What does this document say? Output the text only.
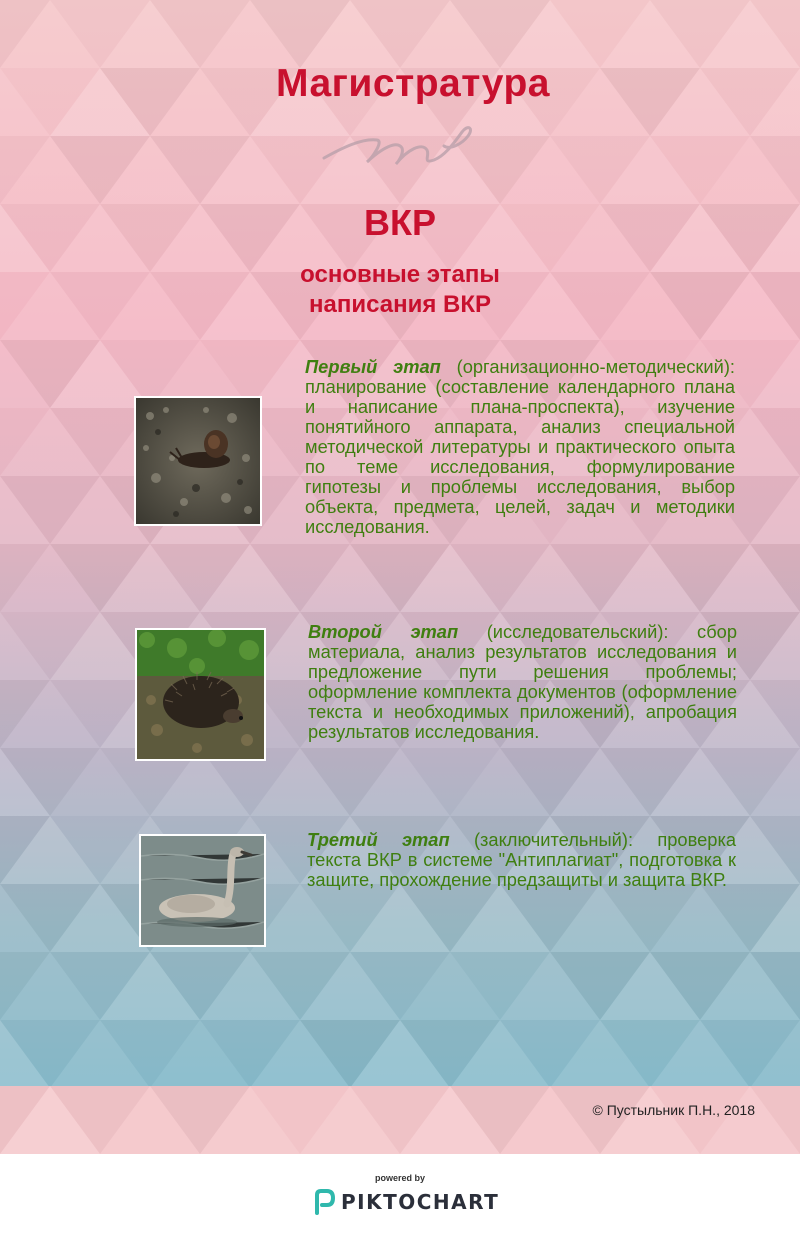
Магистратура
ВКР
основные этапы
написания ВКР
Первый этап (организационно-методический): планирование (составление календарного плана и написание плана-проспекта), изучение понятийного аппарата, анализ специальной методической литературы и практического опыта по теме исследования, формулирование гипотезы и проблемы исследования, выбор объекта, предмета, целей, задач и методики исследования.
Второй этап (исследовательский): сбор материала, анализ результатов исследования и предложение пути решения проблемы; оформление комплекта документов (оформление текста и необходимых приложений), апробация результатов исследования.
Третий этап (заключительный): проверка текста ВКР в системе "Антиплагиат", подготовка к защите, прохождение предзащиты и защита ВКР.
© Пустыльник П.Н., 2018
powered by
PIKTOCHART
